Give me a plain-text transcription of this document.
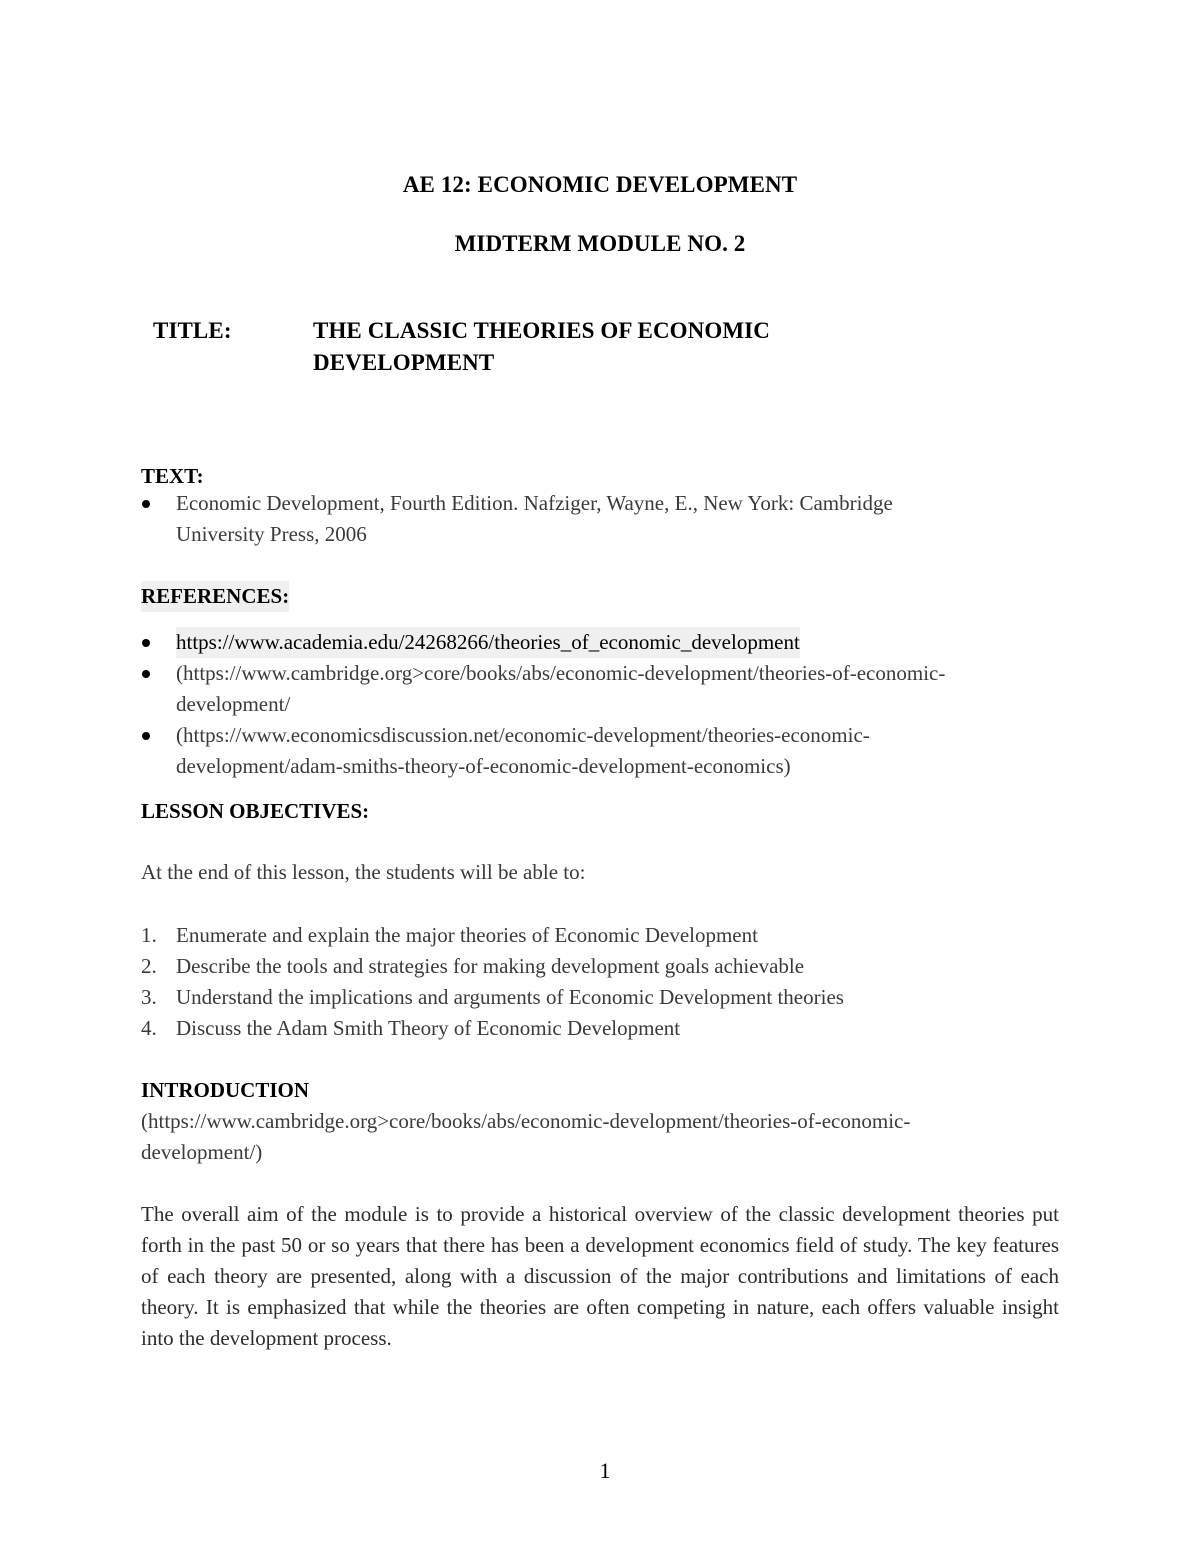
AE 12: ECONOMIC DEVELOPMENT
MIDTERM MODULE NO. 2
TITLE:	THE CLASSIC THEORIES OF ECONOMIC
DEVELOPMENT
TEXT:
Economic Development, Fourth Edition. Nafziger, Wayne, E., New York: Cambridge
University Press, 2006
REFERENCES:
https://www.academia.edu/24268266/theories_of_economic_development
(https://www.cambridge.org>core/books/abs/economic-development/theories-of-economic-
development/
(https://www.economicsdiscussion.net/economic-development/theories-economic-
development/adam-smiths-theory-of-economic-development-economics)
LESSON OBJECTIVES:
At the end of this lesson, the students will be able to:
1. Enumerate and explain the major theories of Economic Development
2. Describe the tools and strategies for making development goals achievable
3. Understand the implications and arguments of Economic Development theories
4. Discuss the Adam Smith Theory of Economic Development
INTRODUCTION
(https://www.cambridge.org>core/books/abs/economic-development/theories-of-economic-
development/)
The overall aim of the module is to provide a historical overview of the classic development theories put forth in the past 50 or so years that there has been a development economics field of study. The key features of each theory are presented, along with a discussion of the major contributions and limitations of each theory. It is emphasized that while the theories are often competing in nature, each offers valuable insight into the development process.
1
